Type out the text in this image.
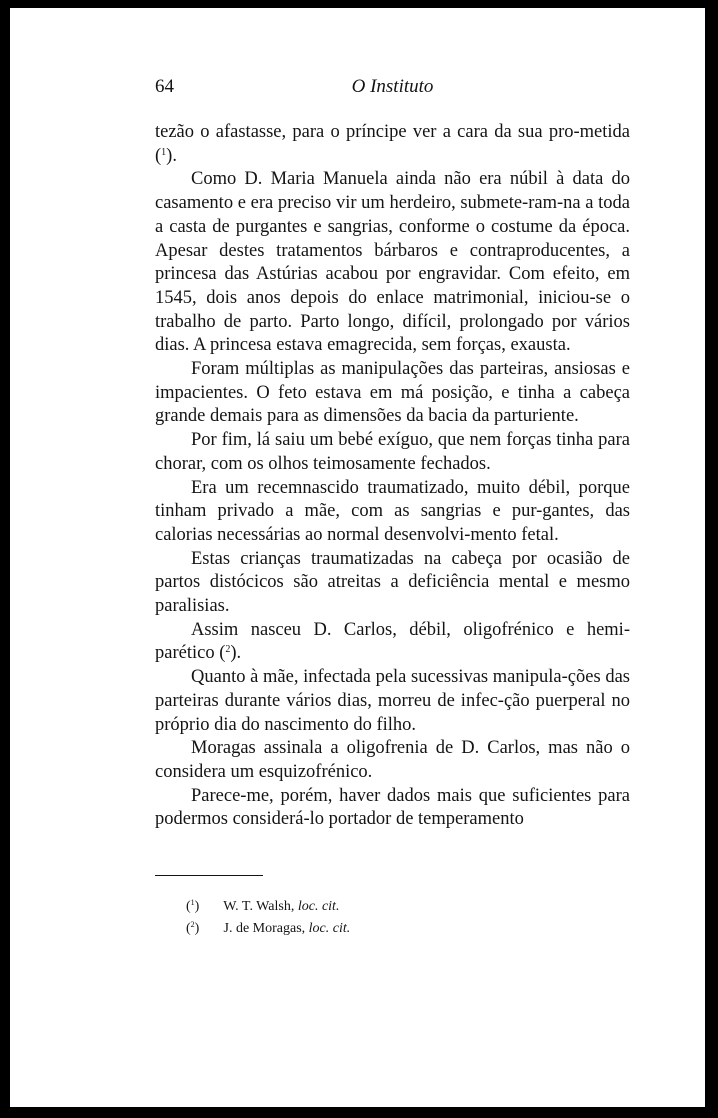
64	O Instituto

tezão o afastasse, para o príncipe ver a cara da sua pro-metida ($^1$).

Como D. Maria Manuela ainda não era núbil à data do casamento e era preciso vir um herdeiro, submete-ram-na a toda a casta de purgantes e sangrias, conforme o costume da época. Apesar destes tratamentos bárbaros e contraproducentes, a princesa das Astúrias acabou por engravidar. Com efeito, em 1545, dois anos depois do enlace matrimonial, iniciou-se o trabalho de parto. Parto longo, difícil, prolongado por vários dias. A princesa estava emagrecida, sem forças, exausta.

Foram múltiplas as manipulações das parteiras, ansiosas e impacientes. O feto estava em má posição, e tinha a cabeça grande demais para as dimensões da bacia da parturiente.

Por fim, lá saiu um bebé exíguo, que nem forças tinha para chorar, com os olhos teimosamente fechados.

Era um recemnascido traumatizado, muito débil, porque tinham privado a mãe, com as sangrias e pur-gantes, das calorias necessárias ao normal desenvolvi-mento fetal.

Estas crianças traumatizadas na cabeça por ocasião de partos distócicos são atreitas a deficiência mental e mesmo paralisias.

Assim nasceu D. Carlos, débil, oligofrénico e hemi-parético ($^2$).

Quanto à mãe, infectada pela sucessivas manipula-ções das parteiras durante vários dias, morreu de infec-ção puerperal no próprio dia do nascimento do filho.

Moragas assinala a oligofrenia de D. Carlos, mas não o considera um esquizofrénico.

Parece-me, porém, haver dados mais que suficientes para podermos considerá-lo portador de temperamento

($^1$) W. T. Walsh, loc. cit.
($^2$) J. de Moragas, loc. cit.
